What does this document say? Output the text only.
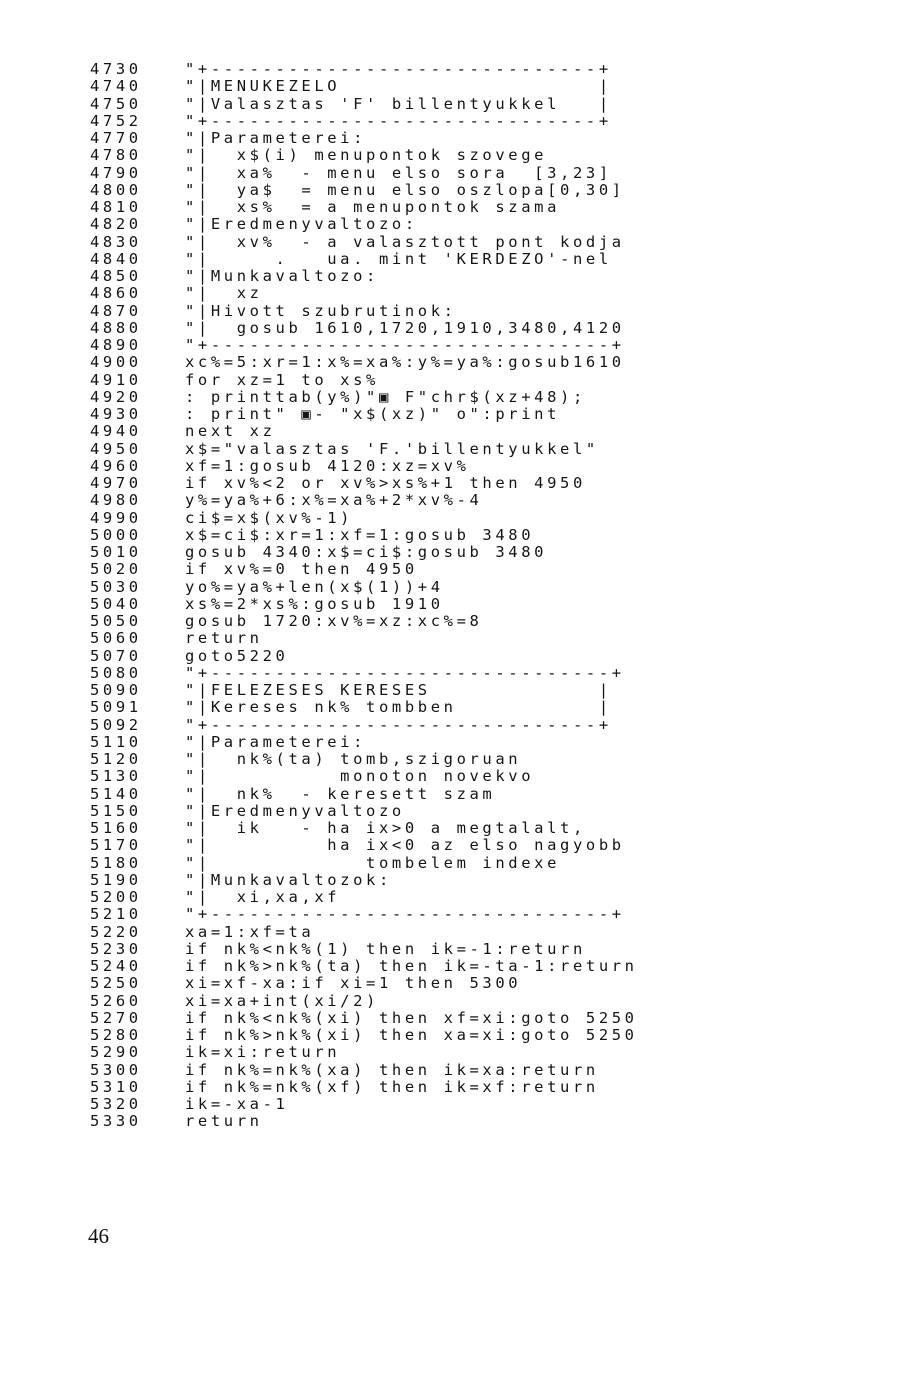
4730	"+------------------------------+
4740	"|MENUKEZELO                    |
4750	"|Valasztas 'F' billentyukkel   |
4752	"+------------------------------+
4770	"|Parameterei:
4780	"|  x$(i) menupontok szovege
4790	"|  xa%  - menu elso sora  [3,23]
4800	"|  ya$  = menu elso oszlopa[0,30]
4810	"|  xs%  = a menupontok szama
4820	"|Eredmenyvaltozo:
4830	"|  xv%  - a valasztott pont kodja
4840	"|     .   ua. mint 'KERDEZO'-nel
4850	"|Munkavaltozo:
4860	"|  xz
4870	"|Hivott szubrutinok:
4880	"|  gosub 1610,1720,1910,3480,4120
4890	"+-------------------------------+
4900	xc%=5:xr=1:x%=xa%:y%=ya%:gosub1610
4910	for xz=1 to xs%
4920	: printtab(y%)"▣ F"chr$(xz+48);
4930	: print" ▣- "x$(xz)" o":print
4940	next xz
4950	x$="valasztas 'F.'billentyukkel"
4960	xf=1:gosub 4120:xz=xv%
4970	if xv%<2 or xv%>xs%+1 then 4950
4980	y%=ya%+6:x%=xa%+2*xv%-4
4990	ci$=x$(xv%-1)
5000	x$=ci$:xr=1:xf=1:gosub 3480
5010	gosub 4340:x$=ci$:gosub 3480
5020	if xv%=0 then 4950
5030	yo%=ya%+len(x$(1))+4
5040	xs%=2*xs%:gosub 1910
5050	gosub 1720:xv%=xz:xc%=8
5060	return
5070	goto5220
5080	"+-------------------------------+
5090	"|FELEZESES KERESES             |
5091	"|Kereses nk% tombben           |
5092	"+------------------------------+
5110	"|Parameterei:
5120	"|  nk%(ta) tomb,szigoruan
5130	"|          monoton novekvo
5140	"|  nk%  - keresett szam
5150	"|Eredmenyvaltozo
5160	"|  ik   - ha ix>0 a megtalalt,
5170	"|         ha ix<0 az elso nagyobb
5180	"|            tombelem indexe
5190	"|Munkavaltozok:
5200	"|  xi,xa,xf
5210	"+-------------------------------+
5220	xa=1:xf=ta
5230	if nk%<nk%(1) then ik=-1:return
5240	if nk%>nk%(ta) then ik=-ta-1:return
5250	xi=xf-xa:if xi=1 then 5300
5260	xi=xa+int(xi/2)
5270	if nk%<nk%(xi) then xf=xi:goto 5250
5280	if nk%>nk%(xi) then xa=xi:goto 5250
5290	ik=xi:return
5300	if nk%=nk%(xa) then ik=xa:return
5310	if nk%=nk%(xf) then ik=xf:return
5320	ik=-xa-1
5330	return
46
